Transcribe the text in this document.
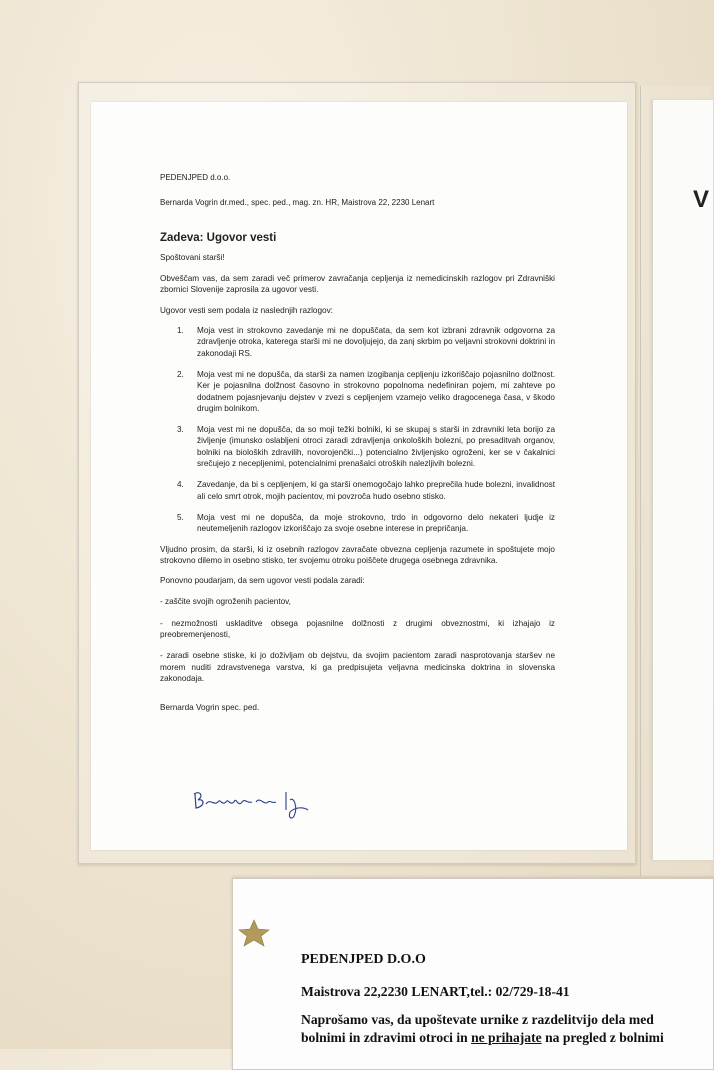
V

PEDENJPED d.o.o.

Bernarda Vogrin dr.med., spec. ped., mag. zn. HR, Maistrova 22, 2230 Lenart

Zadeva: Ugovor vesti

Spoštovani starši!

Obveščam vas, da sem zaradi več primerov zavračanja cepljenja iz nemedicinskih razlogov pri Zdravniški zbornici Slovenije zaprosila za ugovor vesti.

Ugovor vesti sem podala iz naslednjih razlogov:

1. Moja vest in strokovno zavedanje mi ne dopuščata, da sem kot izbrani zdravnik odgovorna za zdravljenje otroka, katerega starši mi ne dovoljujejo, da zanj skrbim po veljavni strokovni doktrini in zakonodaji RS.
2. Moja vest mi ne dopušča, da starši za namen izogibanja cepljenju izkoriščajo pojasnilno dolžnost. Ker je pojasnilna dolžnost časovno in strokovno popolnoma nedefiniran pojem, mi zahteve po dodatnem pojasnjevanju dejstev v zvezi s cepljenjem vzamejo veliko dragocenega časa, v škodo drugim bolnikom.
3. Moja vest mi ne dopušča, da so moji težki bolniki, ki se skupaj s starši in zdravniki leta borijo za življenje (imunsko oslabljeni otroci zaradi zdravljenja onkoloških bolezni, po presaditvah organov, bolniki na bioloških zdravilih, novorojenčki...) potencialno življenjsko ogroženi, ker se v čakalnici srečujejo z necepljenimi, potencialnimi prenašalci otroških nalezljivih bolezni.
4. Zavedanje, da bi s cepljenjem, ki ga starši onemogočajo lahko preprečila hude bolezni, invalidnost ali celo smrt otrok, mojih pacientov, mi povzroča hudo osebno stisko.
5. Moja vest mi ne dopušča, da moje strokovno, trdo in odgovorno delo nekateri ljudje iz neutemeljenih razlogov izkoriščajo za svoje osebne interese in prepričanja.

Vljudno prosim, da starši, ki iz osebnih razlogov zavračate obvezna cepljenja razumete in spoštujete mojo strokovno dilemo in osebno stisko, ter svojemu otroku poiščete drugega osebnega zdravnika.

Ponovno poudarjam, da sem ugovor vesti podala zaradi:

- zaščite svojih ogroženih pacientov,

- nezmožnosti uskladitve obsega pojasnilne dolžnosti z drugimi obveznostmi, ki izhajajo iz preobremenjenosti,

- zaradi osebne stiske, ki jo doživljam ob dejstvu, da svojim pacientom zaradi nasprotovanja staršev ne morem nuditi zdravstvenega varstva, ki ga predpisujeta veljavna medicinska doktrina in slovenska zakonodaja.

Bernarda Vogrin spec. ped.

PEDENJPED D.O.O
Maistrova 22,2230 LENART,tel.: 02/729-18-41
Naprošamo vas, da upoštevate urnike z razdelitvijo dela med
bolnimi in zdravimi otroci in ne prihajate na pregled z bolnimi
